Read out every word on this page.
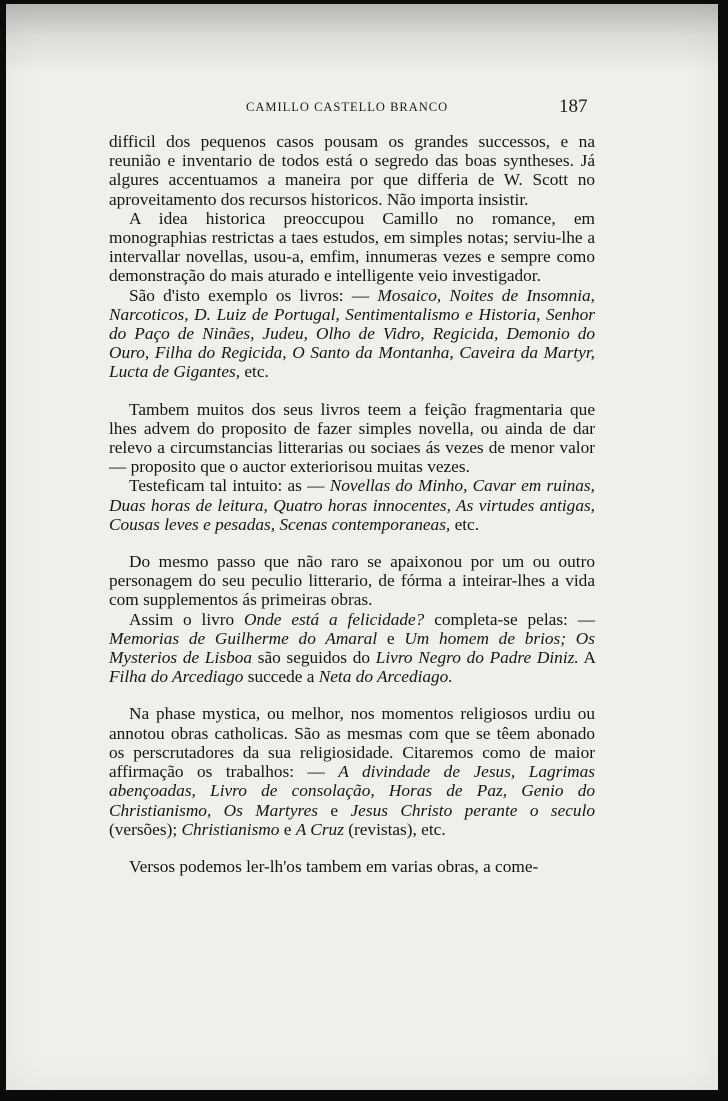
CAMILLO CASTELLO BRANCO	187

difficil dos pequenos casos pousam os grandes successos, e na reunião e inventario de todos está o segredo das boas syntheses. Já algures accentuamos a maneira por que differia de W. Scott no aproveitamento dos recursos historicos. Não importa insistir.

A idea historica preoccupou Camillo no romance, em monographias restrictas a taes estudos, em simples notas; serviu-lhe a intervallar novellas, usou-a, emfim, innumeras vezes e sempre como demonstração do mais aturado e intelligente veio investigador.

São d'isto exemplo os livros: — Mosaico, Noites de Insomnia, Narcoticos, D. Luiz de Portugal, Sentimentalismo e Historia, Senhor do Paço de Ninães, Judeu, Olho de Vidro, Regicida, Demonio do Ouro, Filha do Regicida, O Santo da Montanha, Caveira da Martyr, Lucta de Gigantes, etc.

Tambem muitos dos seus livros teem a feição fragmentaria que lhes advem do proposito de fazer simples novella, ou ainda de dar relevo a circumstancias litterarias ou sociaes ás vezes de menor valor — proposito que o auctor exteriorisou muitas vezes.

Testeficam tal intuito: as — Novellas do Minho, Cavar em ruinas, Duas horas de leitura, Quatro horas innocentes, As virtudes antigas, Cousas leves e pesadas, Scenas contemporaneas, etc.

Do mesmo passo que não raro se apaixonou por um ou outro personagem do seu peculio litterario, de fórma a inteirar-lhes a vida com supplementos ás primeiras obras.

Assim o livro Onde está a felicidade? completa-se pelas: — Memorias de Guilherme do Amaral e Um homem de brios; Os Mysterios de Lisboa são seguidos do Livro Negro do Padre Diniz. A Filha do Arcediago succede a Neta do Arcediago.

Na phase mystica, ou melhor, nos momentos religiosos urdiu ou annotou obras catholicas. São as mesmas com que se têem abonado os perscrutadores da sua religiosidade. Citaremos como de maior affirmação os trabalhos: — A divindade de Jesus, Lagrimas abençoadas, Livro de consolação, Horas de Paz, Genio do Christianismo, Os Martyres e Jesus Christo perante o seculo (versões); Christianismo e A Cruz (revistas), etc.

Versos podemos ler-lh'os tambem em varias obras, a come-
